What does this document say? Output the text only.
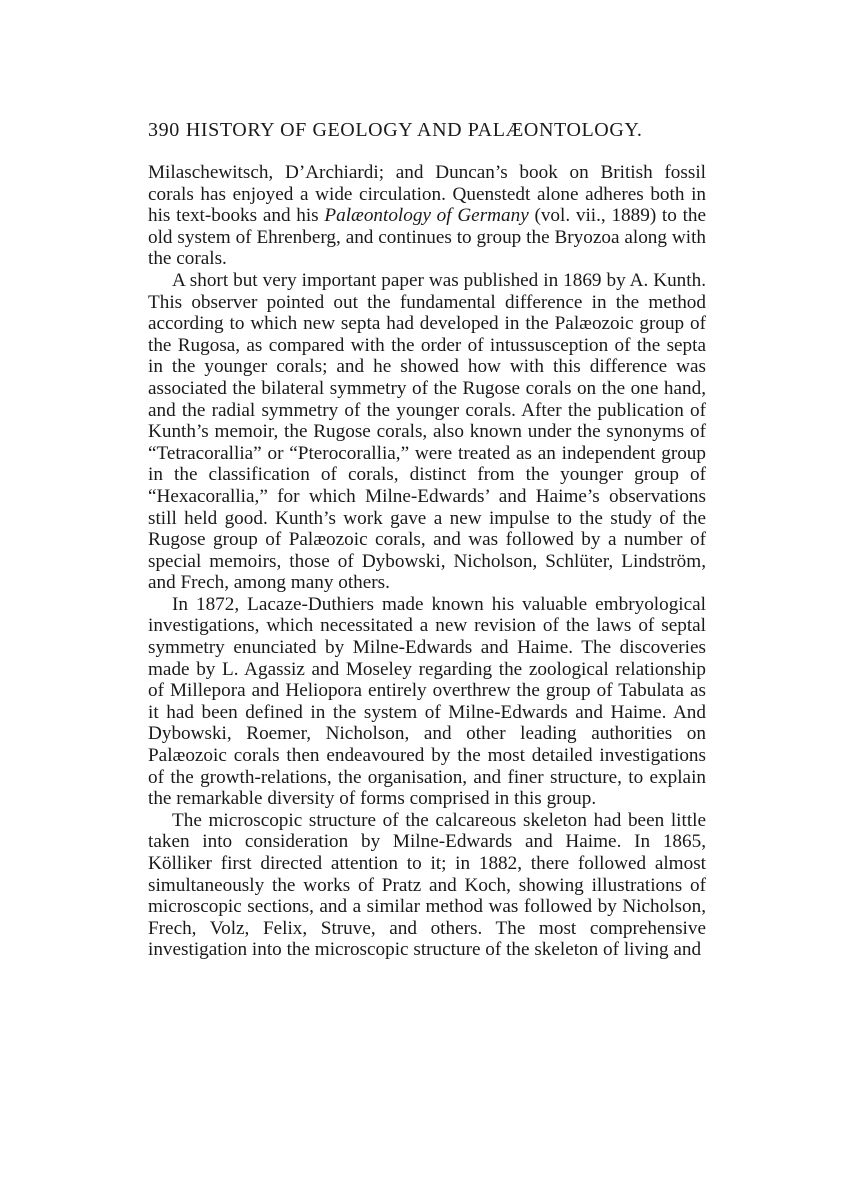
390 HISTORY OF GEOLOGY AND PALÆONTOLOGY.

Milaschewitsch, D’Archiardi; and Duncan’s book on British fossil corals has enjoyed a wide circulation. Quenstedt alone adheres both in his text-books and his Palæontology of Germany (vol. vii., 1889) to the old system of Ehrenberg, and continues to group the Bryozoa along with the corals.

A short but very important paper was published in 1869 by A. Kunth. This observer pointed out the fundamental difference in the method according to which new septa had developed in the Palæozoic group of the Rugosa, as compared with the order of intussusception of the septa in the younger corals; and he showed how with this difference was associated the bilateral symmetry of the Rugose corals on the one hand, and the radial symmetry of the younger corals. After the publication of Kunth’s memoir, the Rugose corals, also known under the synonyms of “Tetracorallia” or “Pterocorallia,” were treated as an independent group in the classification of corals, distinct from the younger group of “Hexacorallia,” for which Milne-Edwards’ and Haime’s observations still held good. Kunth’s work gave a new impulse to the study of the Rugose group of Palæozoic corals, and was followed by a number of special memoirs, those of Dybowski, Nicholson, Schlüter, Lindström, and Frech, among many others.

In 1872, Lacaze-Duthiers made known his valuable embryological investigations, which necessitated a new revision of the laws of septal symmetry enunciated by Milne-Edwards and Haime. The discoveries made by L. Agassiz and Moseley regarding the zoological relationship of Millepora and Heliopora entirely overthrew the group of Tabulata as it had been defined in the system of Milne-Edwards and Haime. And Dybowski, Roemer, Nicholson, and other leading authorities on Palæozoic corals then endeavoured by the most detailed investigations of the growth-relations, the organisation, and finer structure, to explain the remarkable diversity of forms comprised in this group.

The microscopic structure of the calcareous skeleton had been little taken into consideration by Milne-Edwards and Haime. In 1865, Kölliker first directed attention to it; in 1882, there followed almost simultaneously the works of Pratz and Koch, showing illustrations of microscopic sections, and a similar method was followed by Nicholson, Frech, Volz, Felix, Struve, and others. The most comprehensive investigation into the microscopic structure of the skeleton of living and
